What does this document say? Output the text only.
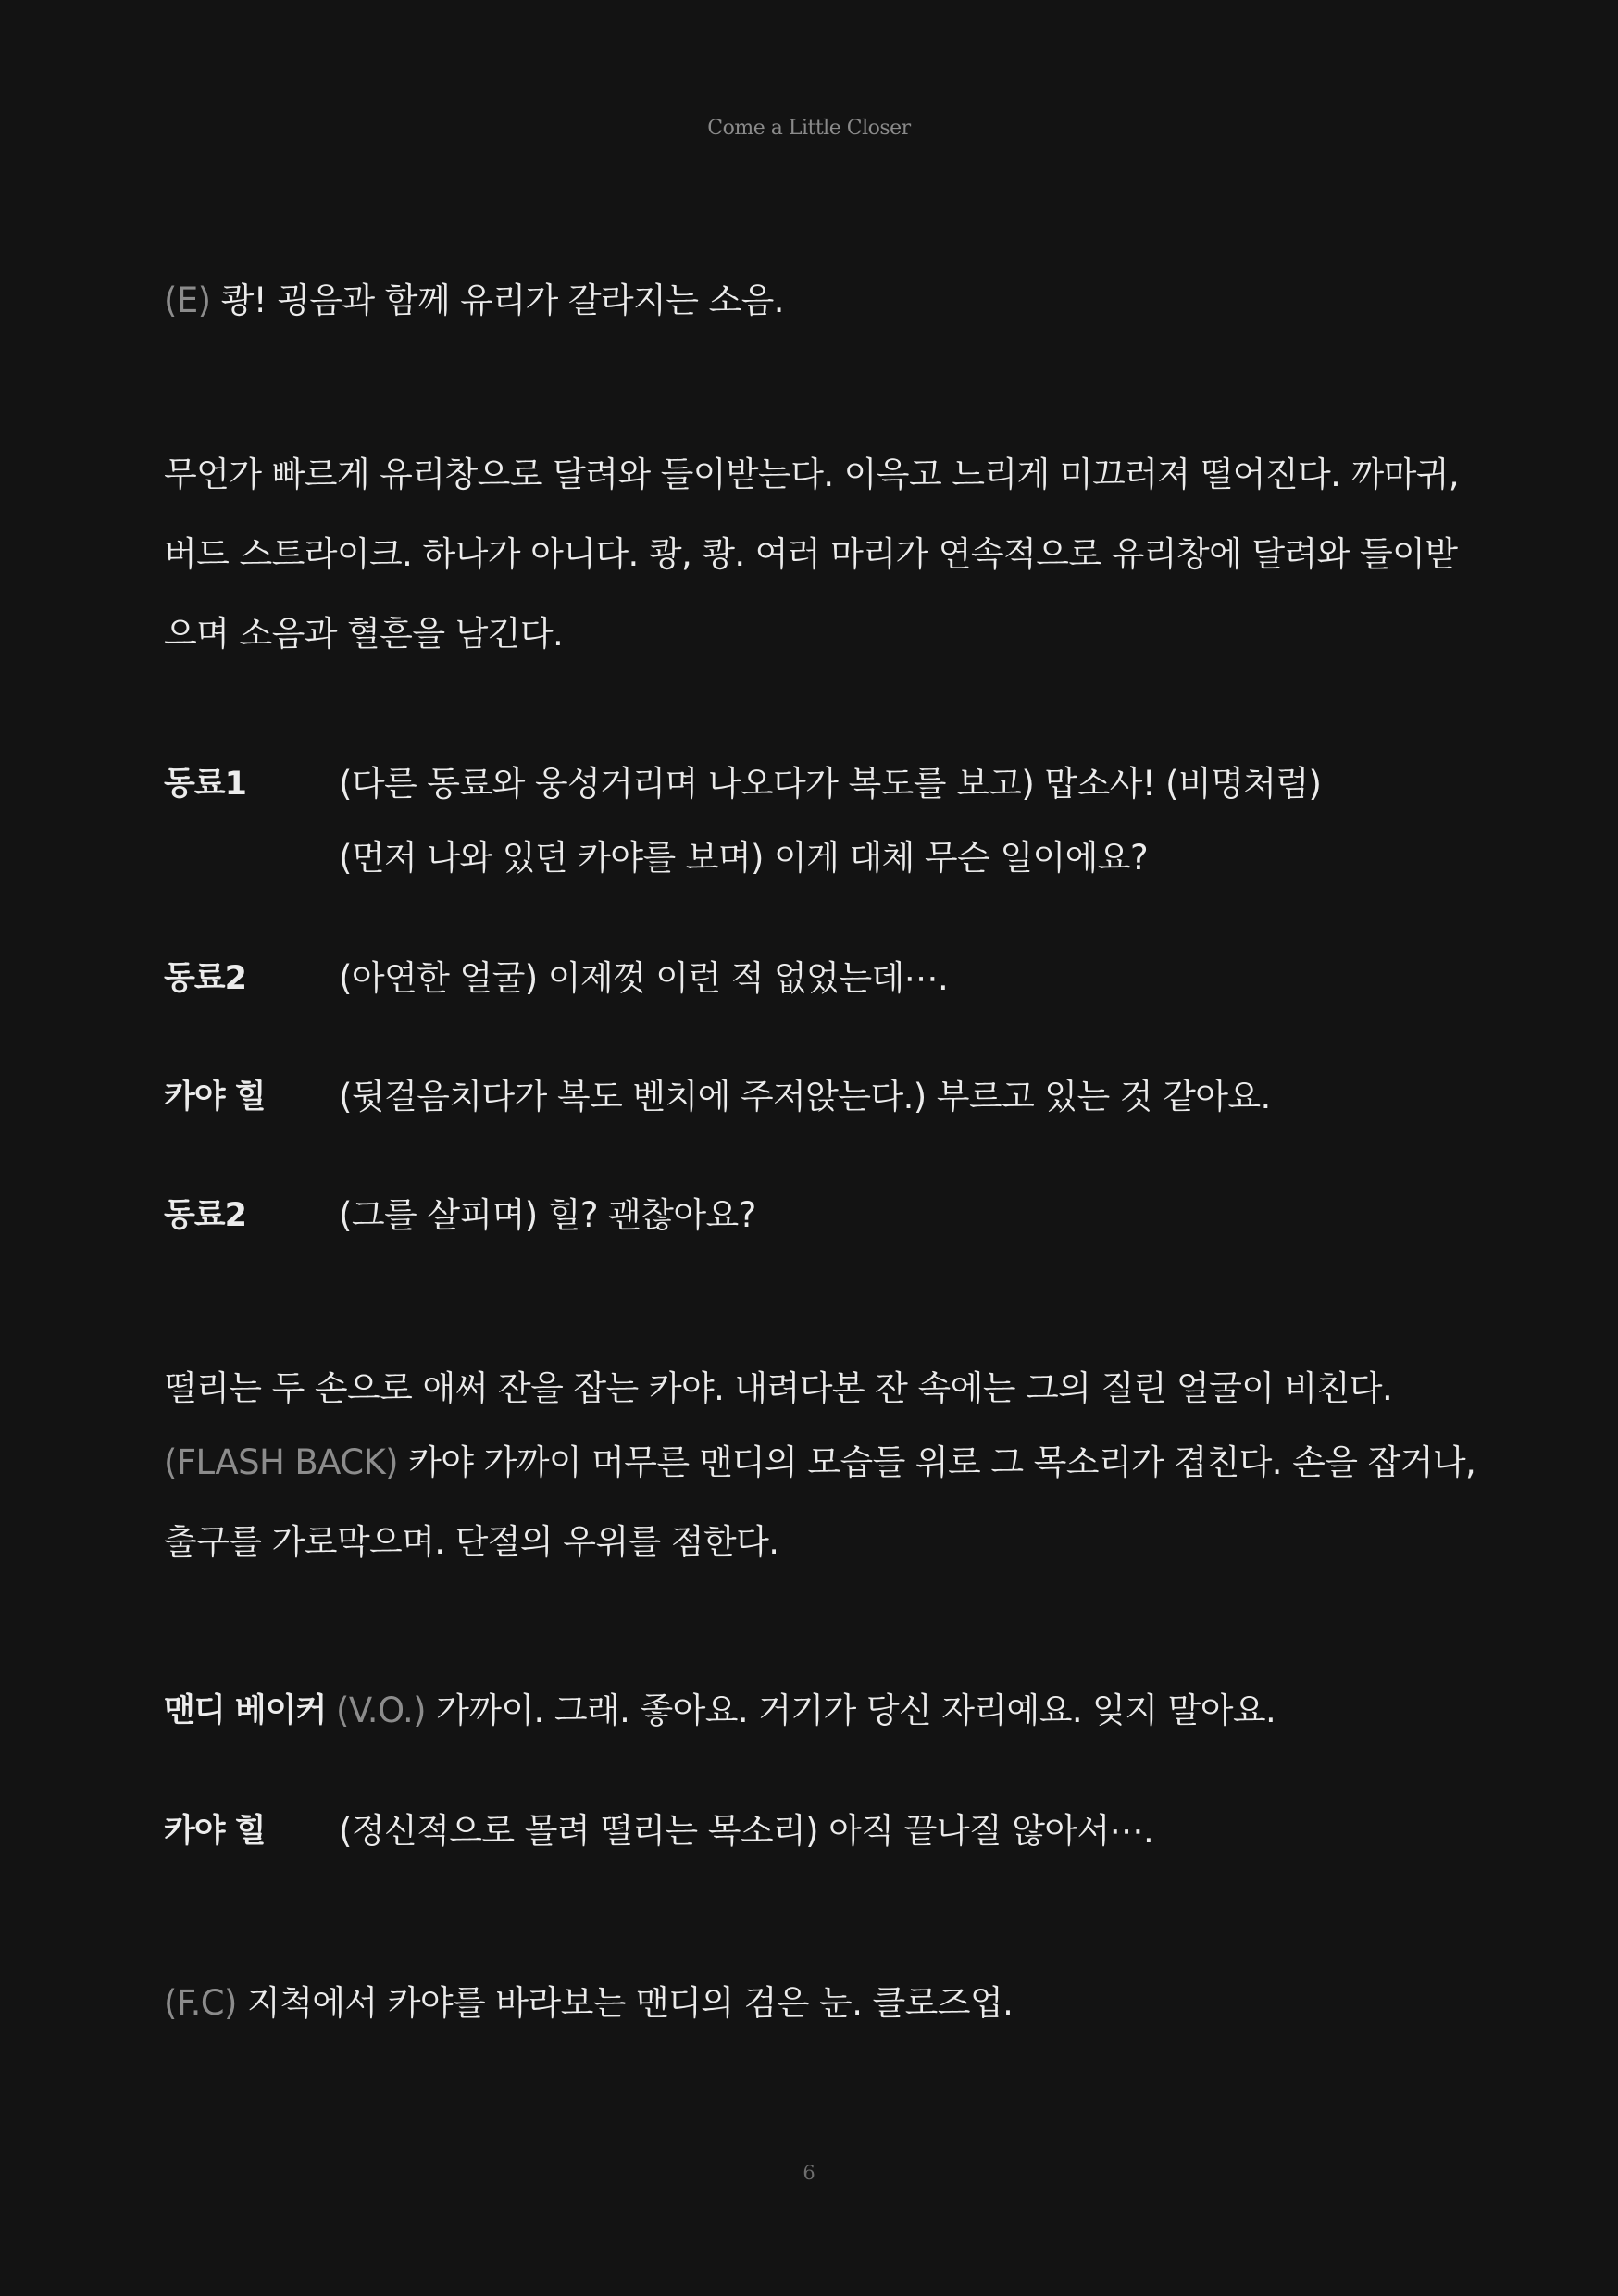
Come a Little Closer
(E) 쾅! 굉음과 함께 유리가 갈라지는 소음.
무언가 빠르게 유리창으로 달려와 들이받는다. 이윽고 느리게 미끄러져 떨어진다. 까마귀,
버드 스트라이크. 하나가 아니다. 쾅, 쾅. 여러 마리가 연속적으로 유리창에 달려와 들이받
으며 소음과 혈흔을 남긴다.
동료1	(다른 동료와 웅성거리며 나오다가 복도를 보고) 맙소사! (비명처럼)
(먼저 나와 있던 카야를 보며) 이게 대체 무슨 일이에요?
동료2	(아연한 얼굴) 이제껏 이런 적 없었는데⋯.
카야 힐 (뒷걸음치다가 복도 벤치에 주저앉는다.) 부르고 있는 것 같아요.
동료2	(그를 살피며) 힐? 괜찮아요?
떨리는 두 손으로 애써 잔을 잡는 카야. 내려다본 잔 속에는 그의 질린 얼굴이 비친다.
(FLASH BACK) 카야 가까이 머무른 맨디의 모습들 위로 그 목소리가 겹친다. 손을 잡거나,
출구를 가로막으며. 단절의 우위를 점한다.
맨디 베이커 (V.O.) 가까이. 그래. 좋아요. 거기가 당신 자리예요. 잊지 말아요.
카야 힐 (정신적으로 몰려 떨리는 목소리) 아직 끝나질 않아서⋯.
(F.C) 지척에서 카야를 바라보는 맨디의 검은 눈. 클로즈업.
6
